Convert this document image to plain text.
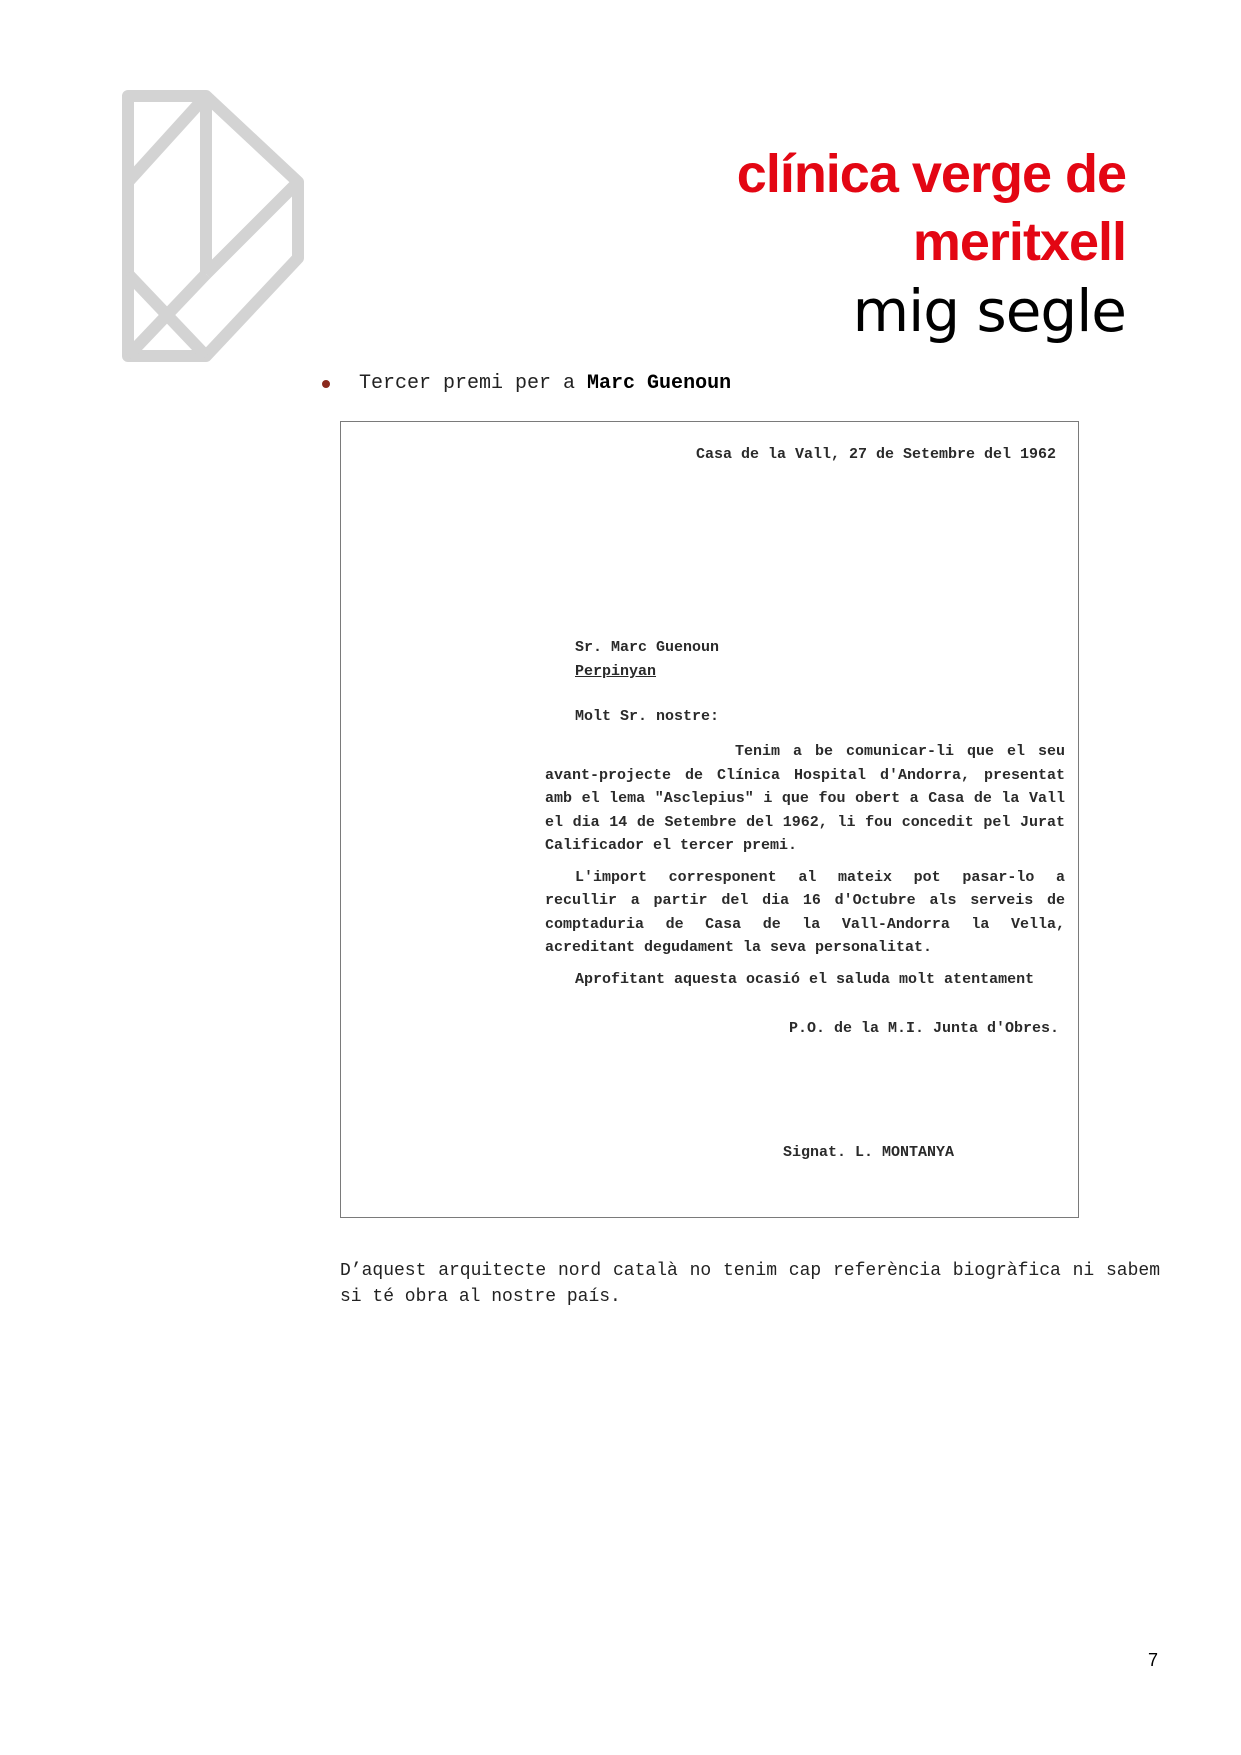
clínica verge de
meritxell
mig segle
Tercer premi per a Marc Guenoun
Casa de la Vall, 27 de Setembre del 1962
Sr. Marc Guenoun
Perpinyan
Molt Sr. nostre:

Tenim a be comunicar-li que el seu avant-projecte de Clínica Hospital d'Andorra, presentat amb el lema "Asclepius" i que fou obert a Casa de la Vall el dia 14 de Setembre del 1962, li fou concedit pel Jurat Calificador el tercer premi.

L'import corresponent al mateix pot pasar-lo a recullir a partir del dia 16 d'Octubre als serveis de comptaduria de Casa de la Vall-Andorra la Vella, acreditant degudament la seva personalitat.

Aprofitant aquesta ocasió el saluda molt atentament

P.O. de la M.I. Junta d'Obres.
Signat. L. MONTANYA
D’aquest arquitecte nord català no tenim cap referència biogràfica ni sabem si té obra al nostre país.
7
